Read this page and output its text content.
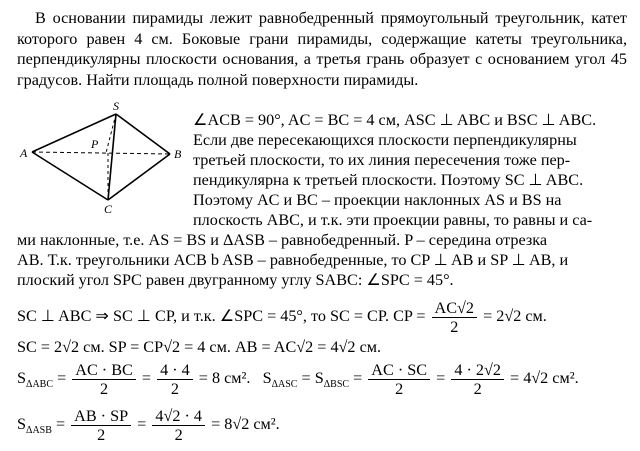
В основании пирамиды лежит равнобедренный прямоугольный треугольник, катет которого равен 4 см. Боковые грани пирамиды, содержащие катеты треугольника, перпендикулярны плоскости основания, а третья грань образует с основанием угол 45 градусов. Найти площадь полной поверхности пирамиды.
S
A
P
B
C
∠ACB = 90°, AC = BC = 4 см, ASC ⊥ ABC и BSC ⊥ ABC.
Если две пересекающихся плоскости перпендикулярны
третьей плоскости, то их линия пересечения тоже пер-
пендикулярна к третьей плоскости. Поэтому SC ⊥ ABC.
Поэтому AC и BC – проекции наклонных AS и BS на
плоскость ABC, и т.к. эти проекции равны, то равны и са-
ми наклонные, т.е. AS = BS и ΔASB – равнобедренный. P – середина отрезка
AB. Т.к. треугольники ACB b ASB – равнобедренные, то CP ⊥ AB и SP ⊥ AB, и
плоский угол SPC равен двугранному углу SABC: ∠SPC = 45°.
SC ⊥ ABC ⇒ SC ⊥ CP, и т.к. ∠SPC = 45°, то SC = CP. CP = $\frac{AC√2}{2} = 2√2$ см.
SC = 2√2 см. SP = CP√2 = 4 см. AB = AC√2 = 4√2 см.
$S_{\Delta ABC} = \frac{AC \cdot BC}{2} = \frac{4 \cdot 4}{2} = 8$ см². $S_{\Delta ASC} = S_{\Delta BSC} = \frac{AC \cdot SC}{2} = \frac{4 \cdot 2√2}{2} = 4√2$ см².
$S_{\Delta ASB} = \frac{AB \cdot SP}{2} = \frac{4√2 \cdot 4}{2} = 8√2$ см².
